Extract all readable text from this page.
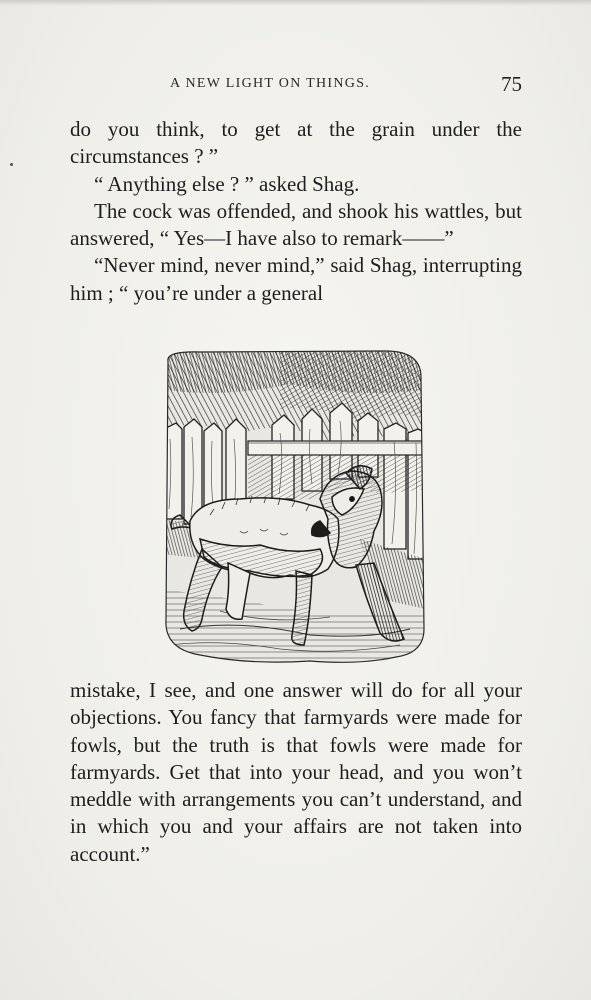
A NEW LIGHT ON THINGS.	75

do you think, to get at the grain under the circumstances ? ”

“ Anything else ? ” asked Shag.

The cock was offended, and shook his wattles, but answered, “ Yes—I have also to remark——”

“Never mind, never mind,” said Shag, interrupting him ; “ you’re under a general

mistake, I see, and one answer will do for all your objections. You fancy that farmyards were made for fowls, but the truth is that fowls were made for farmyards. Get that into your head, and you won’t meddle with arrangements you can’t understand, and in which you and your affairs are not taken into account.”
